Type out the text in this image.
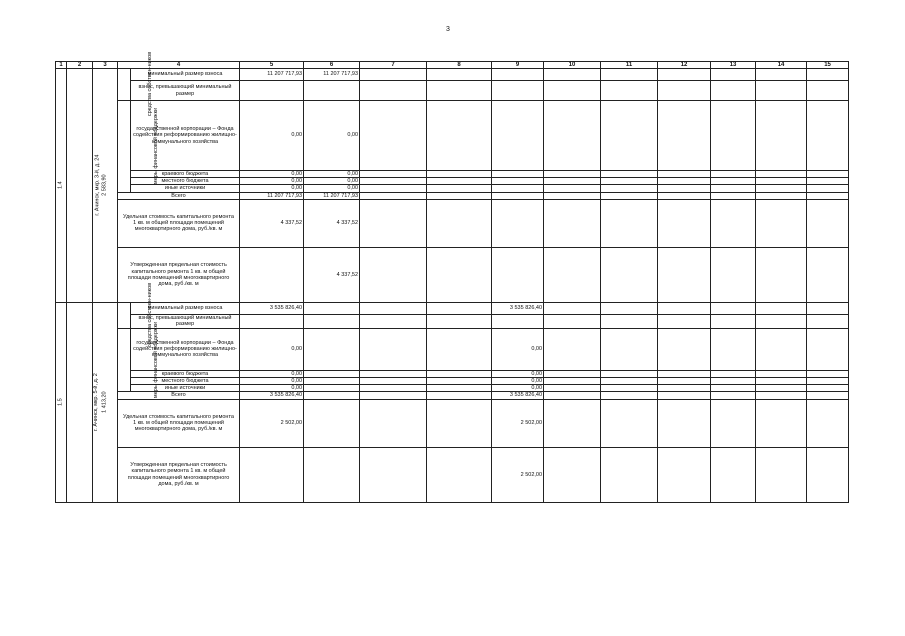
3
1	2	3	4		5	6	7	8	9	10	11	12	13	14	15
1.4	г. Ачинск, мкр. 3-й, д. 24	2 583,90	средства собствен-ников	минимальный размер взноса	11 207 717,93	11 207 717,93									
				взнос, превышающий минимальный размер											
			меры финансовой поддержки	государственной корпорации – Фонда содействия реформированию жилищно-коммунального хозяйства	0,00	0,00									
				краевого бюджета	0,00	0,00									
				местного бюджета	0,00	0,00									
				иные источники	0,00	0,00									
			Всего		11 207 717,93	11 207 717,93									
			Удельная стоимость капитального ремонта 1 кв. м общей площади помещений многоквартирного дома, руб./кв. м		4 337,52	4 337,52									
			Утвержденная предельная стоимость капитального ремонта 1 кв. м общей площади помещений многоквартирного дома, руб./кв. м			4 337,52									
1.5	г. Ачинск, мкр. 5-й, д. 2	1 413,20	средства собствен-ников	минимальный размер взноса	3 535 826,40				3 535 826,40						
				взнос, превышающий минимальный размер											
			меры финансовой поддержки	государственной корпорации – Фонда содействия реформированию жилищно-коммунального хозяйства	0,00				0,00						
				краевого бюджета	0,00				0,00						
				местного бюджета	0,00				0,00						
				иные источники	0,00				0,00						
			Всего		3 535 826,40				3 535 826,40						
			Удельная стоимость капитального ремонта 1 кв. м общей площади помещений многоквартирного дома, руб./кв. м		2 502,00				2 502,00						
			Утвержденная предельная стоимость капитального ремонта 1 кв. м общей площади помещений многоквартирного дома, руб./кв. м						2 502,00						
